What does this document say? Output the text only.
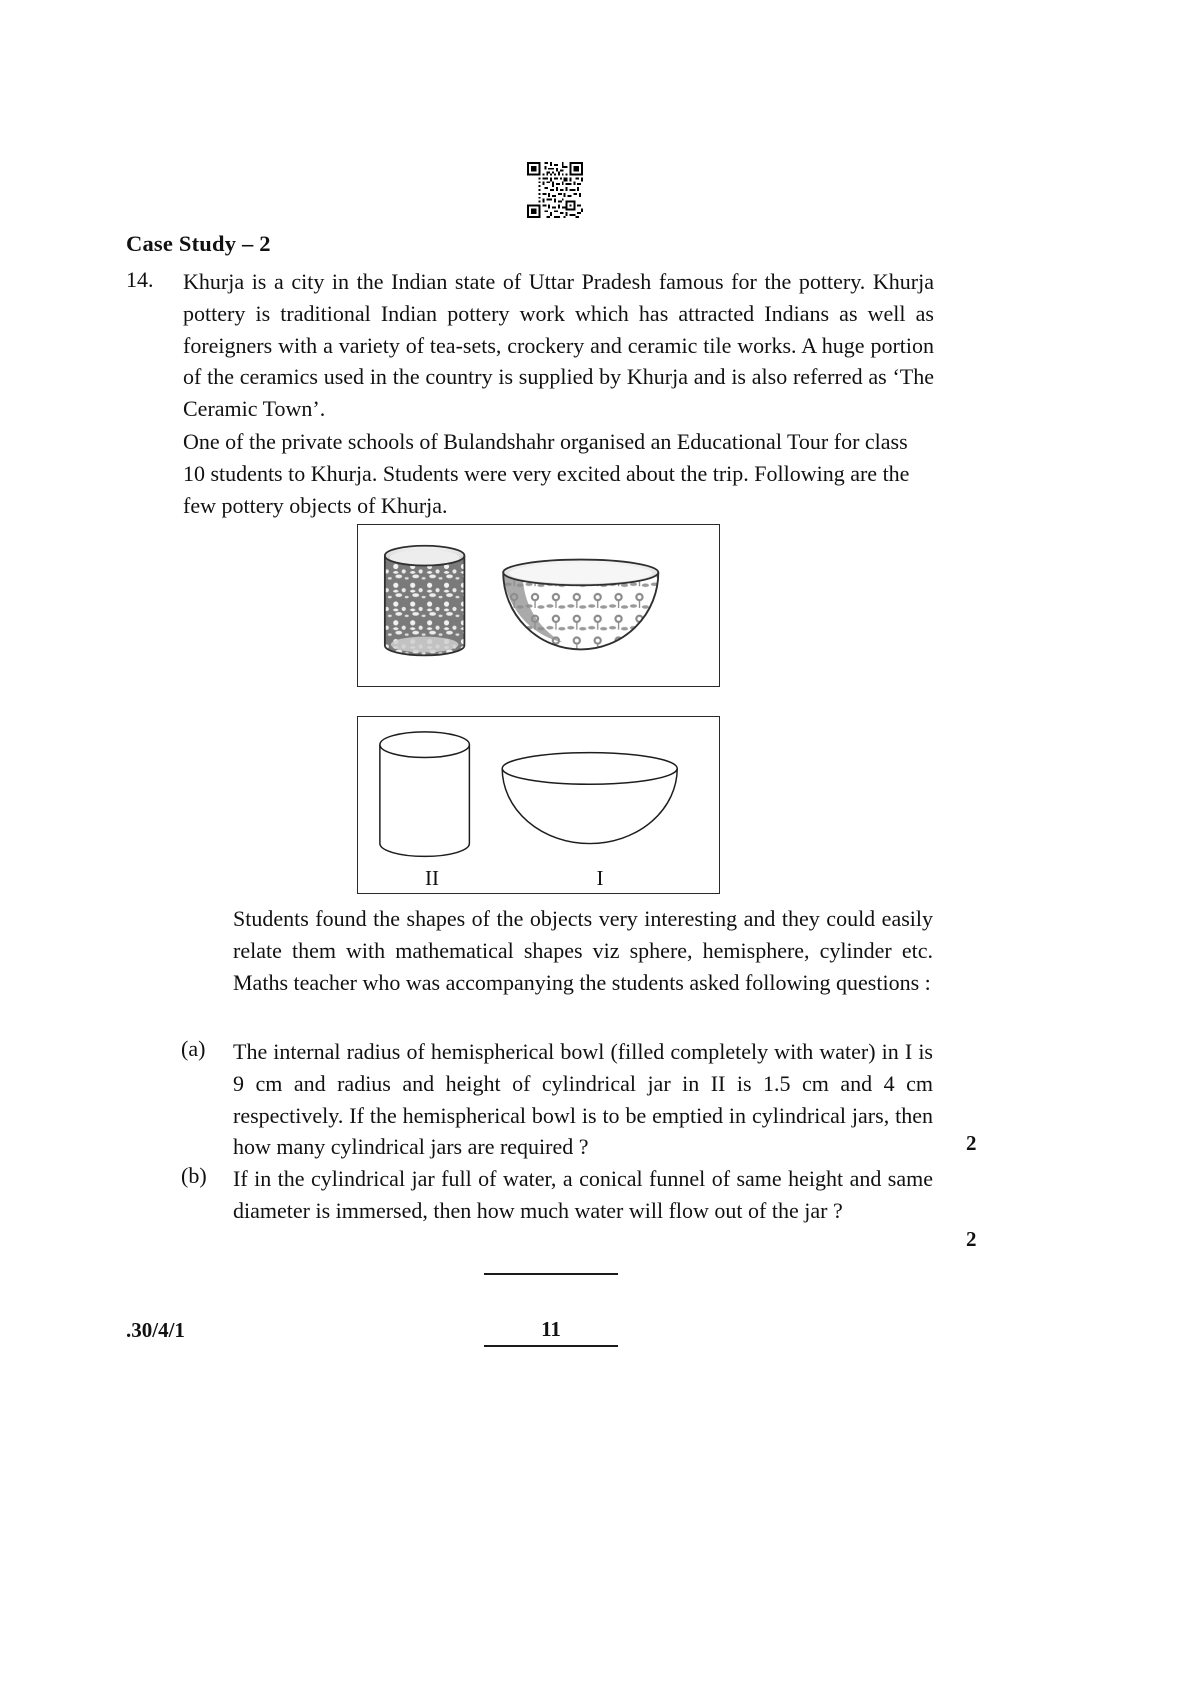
Case Study – 2
14. Khurja is a city in the Indian state of Uttar Pradesh famous for the pottery. Khurja pottery is traditional Indian pottery work which has attracted Indians as well as foreigners with a variety of tea-sets, crockery and ceramic tile works. A huge portion of the ceramics used in the country is supplied by Khurja and is also referred as ‘The Ceramic Town’.
One of the private schools of Bulandshahr organised an Educational Tour for class 10 students to Khurja. Students were very excited about the trip. Following are the few pottery objects of Khurja.
II	I
Students found the shapes of the objects very interesting and they could easily relate them with mathematical shapes viz sphere, hemisphere, cylinder etc. Maths teacher who was accompanying the students asked following questions :
(a) The internal radius of hemispherical bowl (filled completely with water) in I is 9 cm and radius and height of cylindrical jar in II is 1.5 cm and 4 cm respectively. If the hemispherical bowl is to be emptied in cylindrical jars, then how many cylindrical jars are required ?	2
(b) If in the cylindrical jar full of water, a conical funnel of same height and same diameter is immersed, then how much water will flow out of the jar ?
2
.30/4/1	11
